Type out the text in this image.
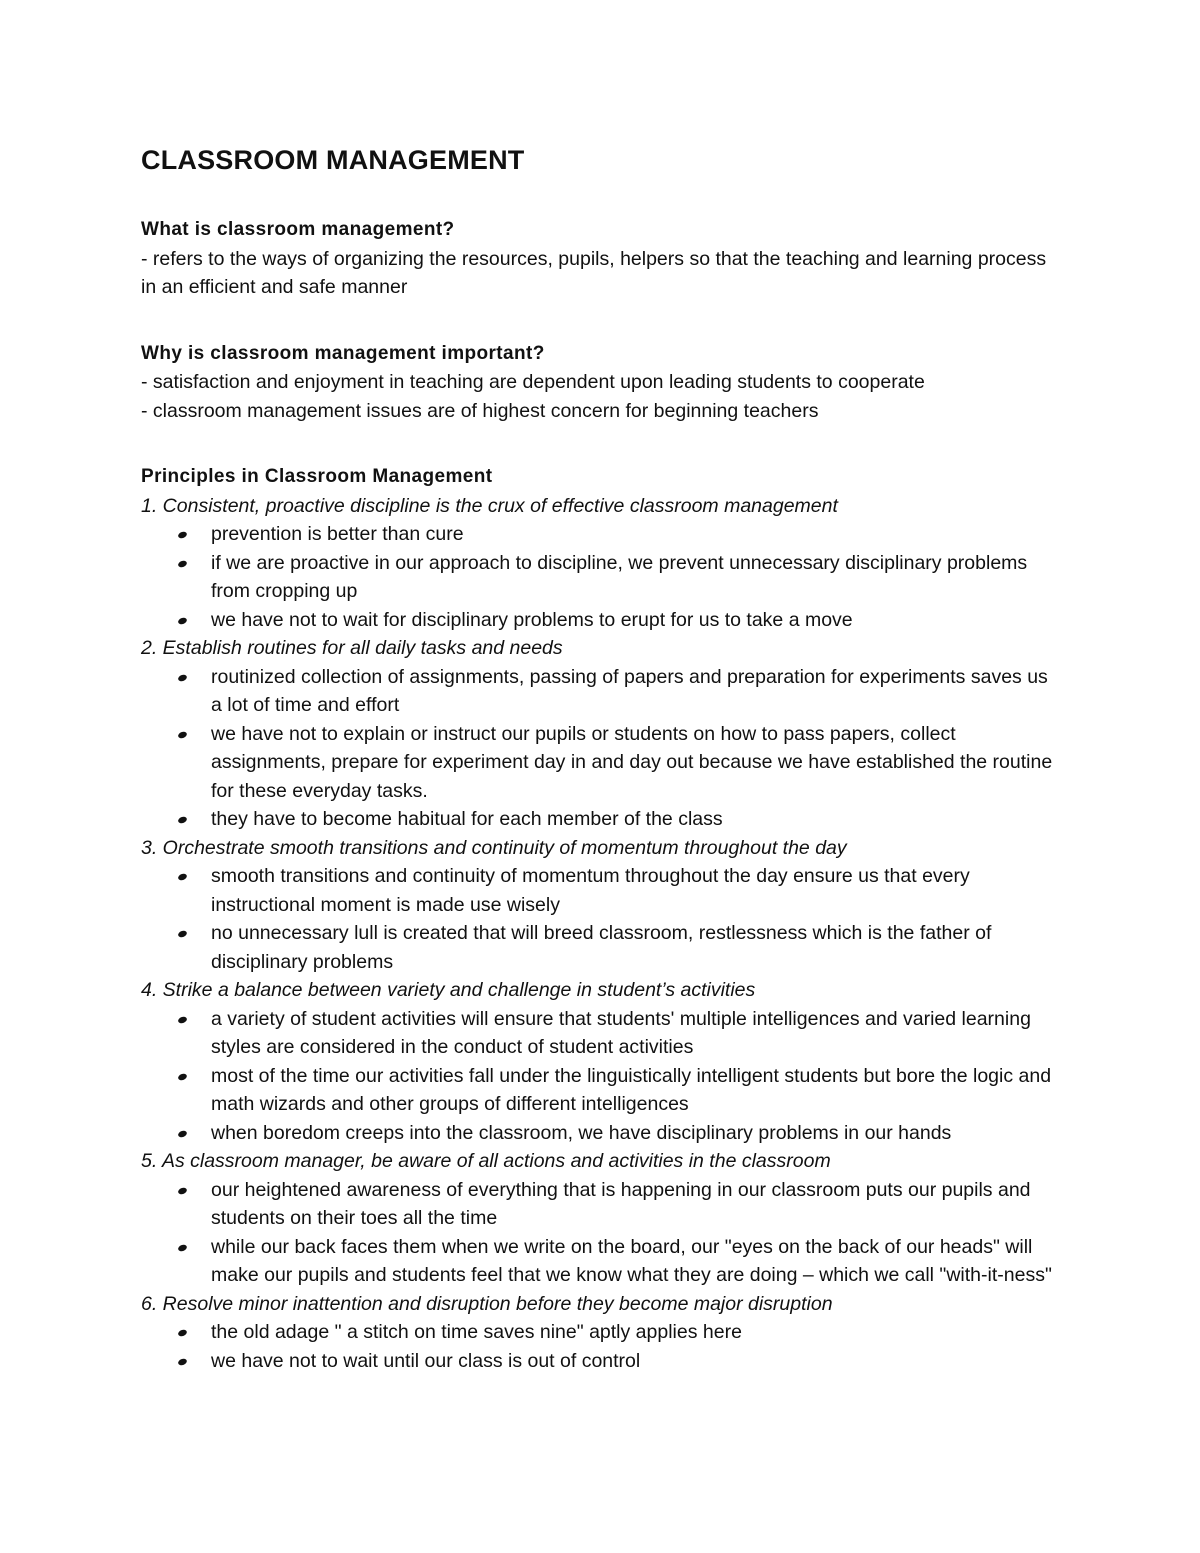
CLASSROOM MANAGEMENT

What is classroom management?

- refers to the ways of organizing the resources, pupils, helpers so that the teaching and learning process in an efficient and safe manner

Why is classroom management important?

- satisfaction and enjoyment in teaching are dependent upon leading students to cooperate

- classroom management issues are of highest concern for beginning teachers

Principles in Classroom Management

1. Consistent, proactive discipline is the crux of effective classroom management

prevention is better than cure
if we are proactive in our approach to discipline, we prevent unnecessary disciplinary problems from cropping up
we have not to wait for disciplinary problems to erupt for us to take a move

2. Establish routines for all daily tasks and needs

routinized collection of assignments, passing of papers and preparation for experiments saves us a lot of time and effort
we have not to explain or instruct our pupils or students on how to pass papers, collect assignments, prepare for experiment day in and day out because we have established the routine for these everyday tasks.
they have to become habitual for each member of the class

3. Orchestrate smooth transitions and continuity of momentum throughout the day

smooth transitions and continuity of momentum throughout the day ensure us that every instructional moment is made use wisely
no unnecessary lull is created that will breed classroom, restlessness which is the father of disciplinary problems

4. Strike a balance between variety and challenge in student’s activities

a variety of student activities will ensure that students' multiple intelligences and varied learning styles are considered in the conduct of student activities
most of the time our activities fall under the linguistically intelligent students but bore the logic and math wizards and other groups of different intelligences
when boredom creeps into the classroom, we have disciplinary problems in our hands

5. As classroom manager, be aware of all actions and activities in the classroom

our heightened awareness of everything that is happening in our classroom puts our pupils and students on their toes all the time
while our back faces them when we write on the board, our "eyes on the back of our heads" will make our pupils and students feel that we know what they are doing – which we call "with-it-ness"

6. Resolve minor inattention and disruption before they become major disruption

the old adage " a stitch on time saves nine" aptly applies here
we have not to wait until our class is out of control
